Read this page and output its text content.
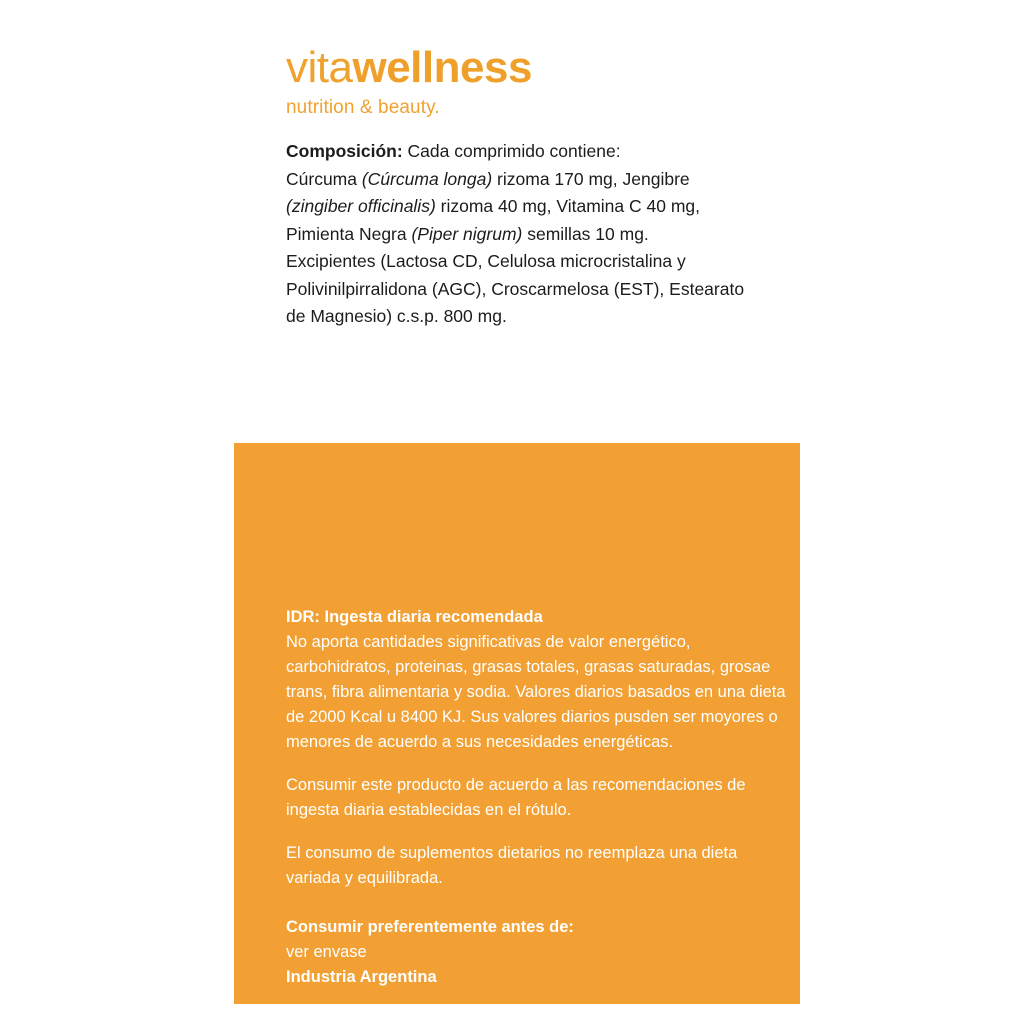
vitawellness
nutrition & beauty.
Composición: Cada comprimido contiene:
Cúrcuma (Cúrcuma longa) rizoma 170 mg, Jengibre
(zingiber officinalis) rizoma 40 mg, Vitamina C 40 mg,
Pimienta Negra (Piper nigrum) semillas 10 mg.
Excipientes (Lactosa CD, Celulosa microcristalina y
Polivinilpirralidona (AGC), Croscarmelosa (EST), Estearato
de Magnesio) c.s.p. 800 mg.

IDR: Ingesta diaria recomendada

No aporta cantidades significativas de valor energético, carbohidratos, proteinas, grasas totales, grasas saturadas, grosae trans, fibra alimentaria y sodia. Valores diarios basados en una dieta de 2000 Kcal u 8400 KJ. Sus valores diarios pusden ser moyores o menores de acuerdo a sus necesidades energéticas.

Consumir este producto de acuerdo a las recomendaciones de ingesta diaria establecidas en el rótulo.

El consumo de suplementos dietarios no reemplaza una dieta variada y equilibrada.

Consumir preferentemente antes de:

ver envase

Industria Argentina
